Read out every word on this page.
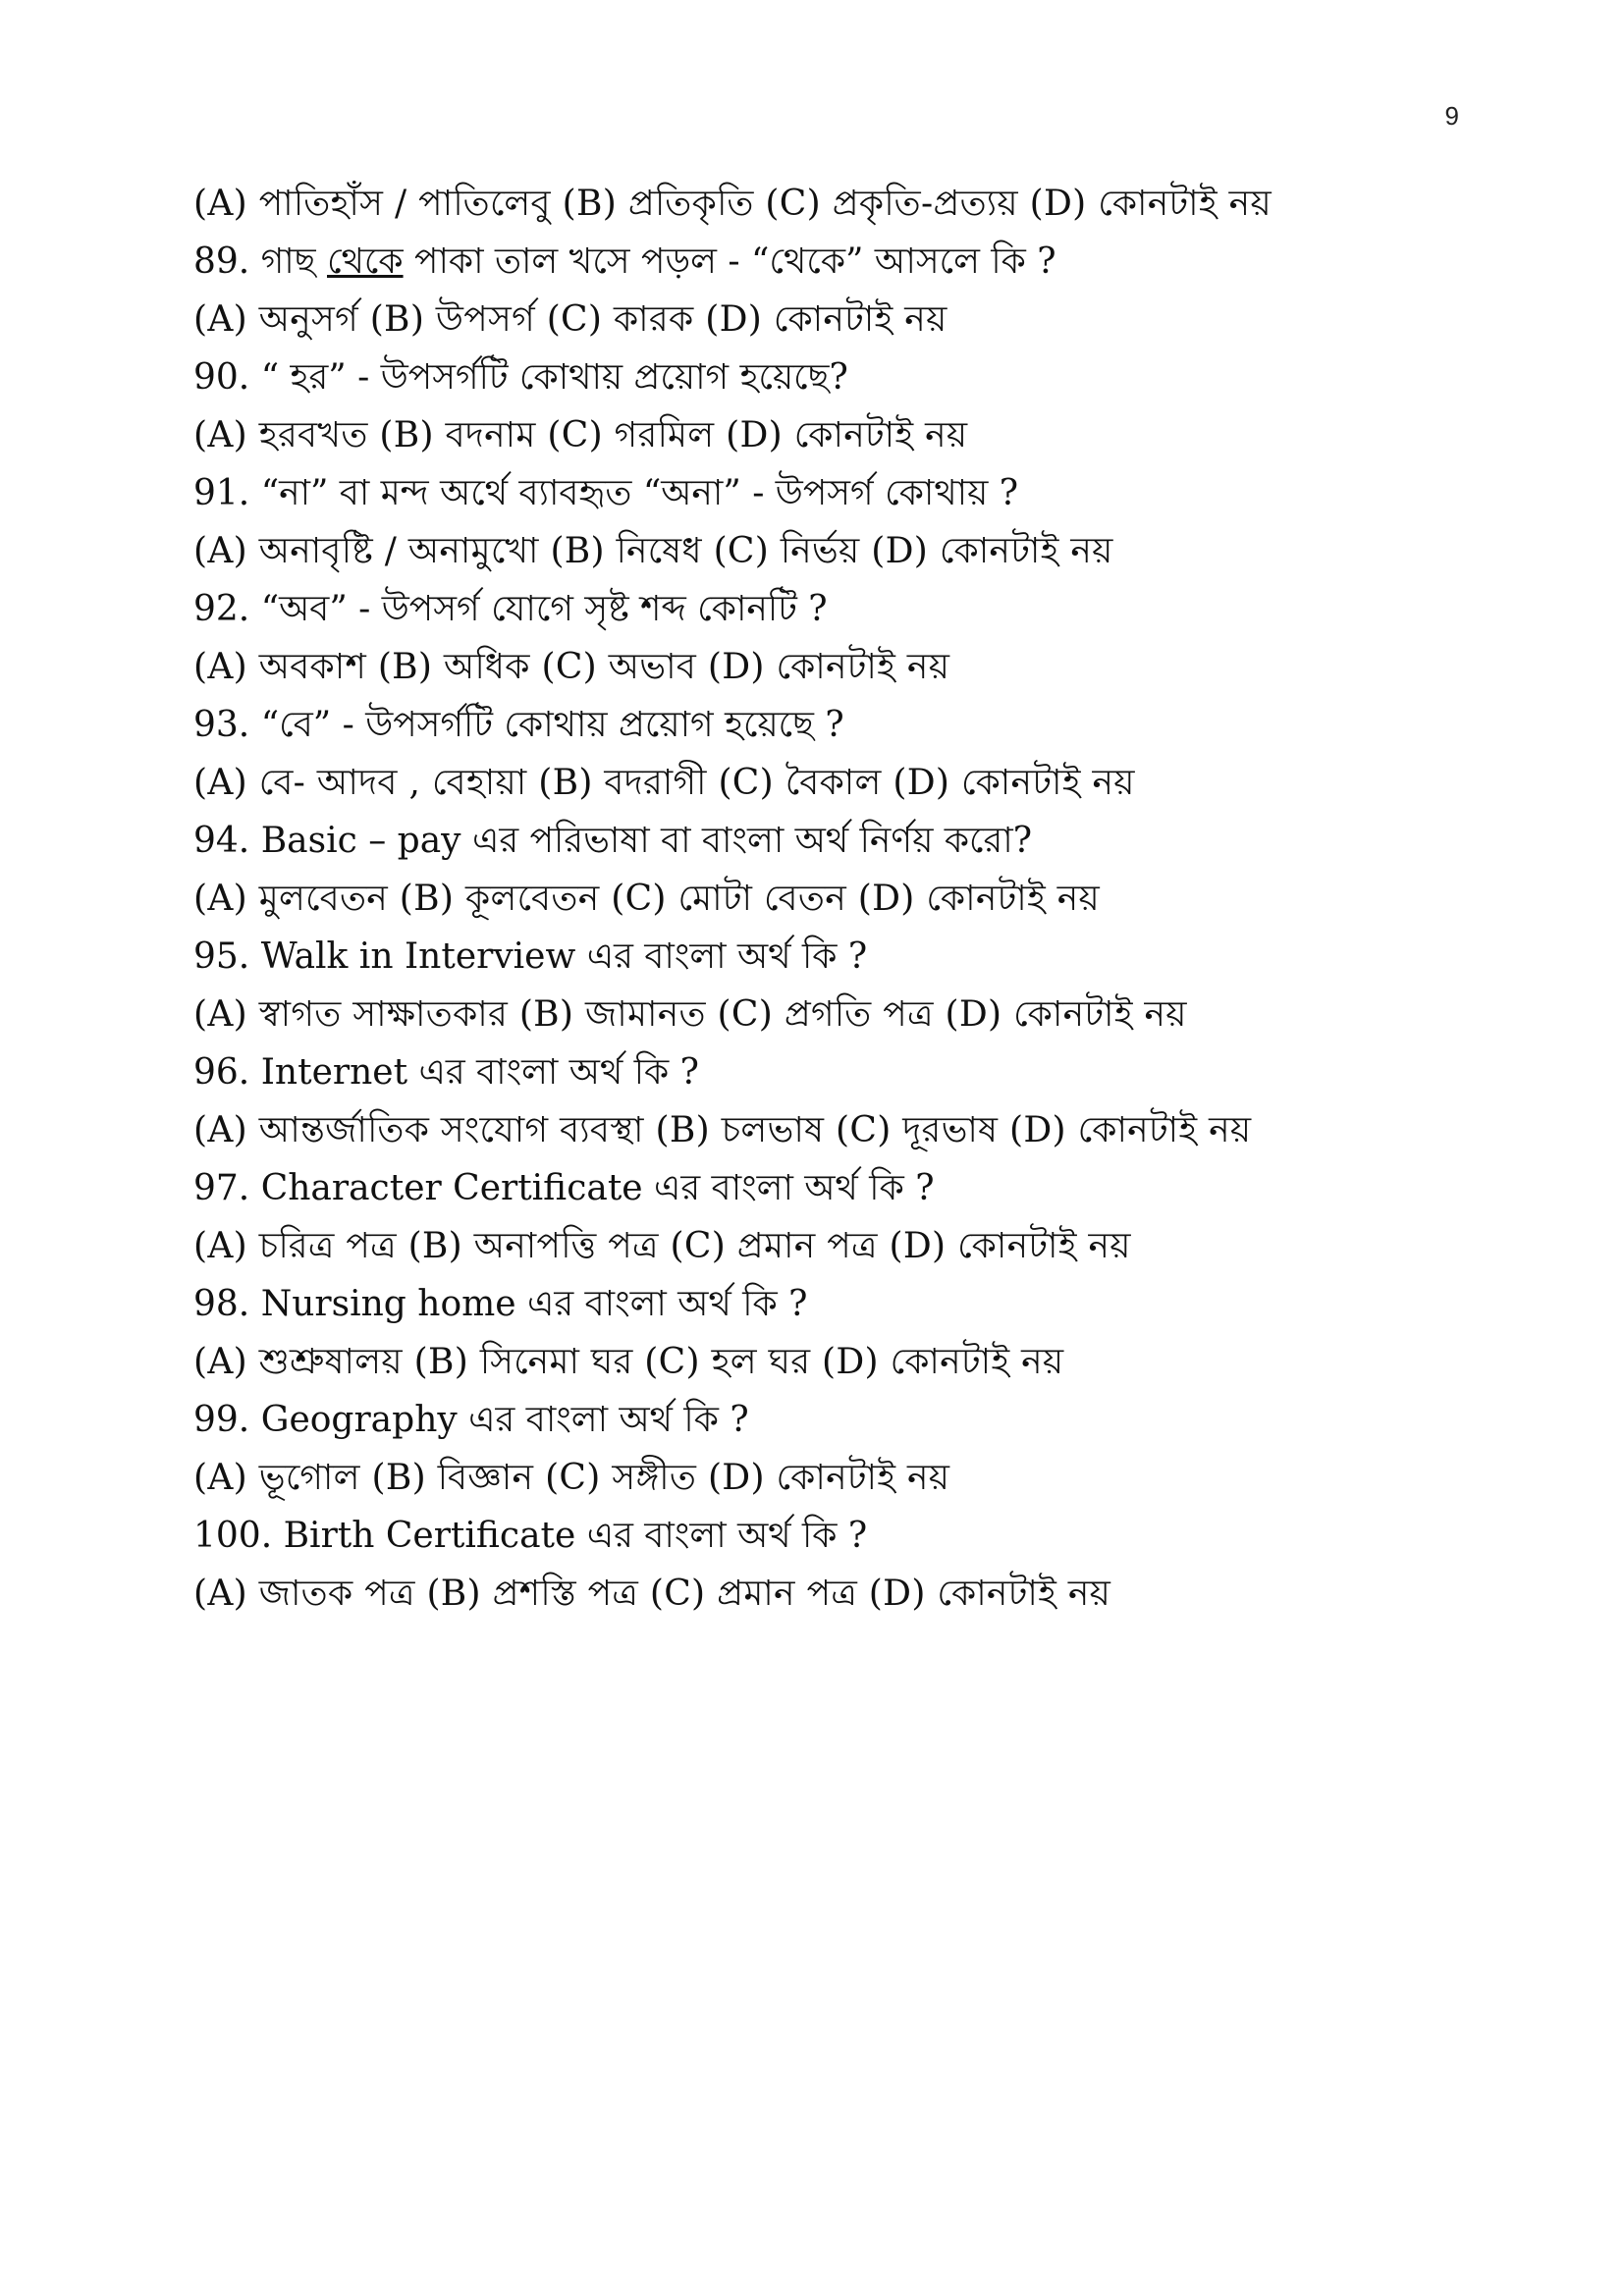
9
(A) পাতিহাঁস / পাতিলেবু (B) প্রতিকৃতি (C) প্রকৃতি-প্রত্যয় (D) কোনটাই নয়
89. গাছ থেকে পাকা তাল খসে পড়ল - “থেকে” আসলে কি ?
(A) অনুসর্গ (B) উপসর্গ (C) কারক (D) কোনটাই নয়
90. “ হর” - উপসর্গটি কোথায় প্রয়োগ হয়েছে?
(A) হরবখত (B) বদনাম (C) গরমিল (D) কোনটাই নয়
91. “না” বা মন্দ অর্থে ব্যাবহৃত “অনা” - উপসর্গ কোথায় ?
(A) অনাবৃষ্টি / অনামুখো (B) নিষেধ (C) নির্ভয় (D) কোনটাই নয়
92. “অব” - উপসর্গ যোগে সৃষ্ট শব্দ কোনটি ?
(A) অবকাশ (B) অধিক (C) অভাব (D) কোনটাই নয়
93. “বে” - উপসর্গটি কোথায় প্রয়োগ হয়েছে ?
(A) বে- আদব , বেহায়া (B) বদরাগী (C) বৈকাল (D) কোনটাই নয়
94. Basic – pay এর পরিভাষা বা বাংলা অর্থ নির্ণয় করো?
(A) মুলবেতন (B) কূলবেতন (C) মোটা বেতন (D) কোনটাই নয়
95. Walk in Interview এর বাংলা অর্থ কি ?
(A) স্বাগত সাক্ষাতকার (B) জামানত (C) প্রগতি পত্র (D) কোনটাই নয়
96. Internet এর বাংলা অর্থ কি ?
(A) আন্তর্জাতিক সংযোগ ব্যবস্থা (B) চলভাষ (C) দূরভাষ (D) কোনটাই নয়
97. Character Certificate এর বাংলা অর্থ কি ?
(A) চরিত্র পত্র (B) অনাপত্তি পত্র (C) প্রমান পত্র (D) কোনটাই নয়
98. Nursing home এর বাংলা অর্থ কি ?
(A) শুশ্রুষালয় (B) সিনেমা ঘর (C) হল ঘর (D) কোনটাই নয়
99. Geography এর বাংলা অর্থ কি ?
(A) ভূগোল (B) বিজ্ঞান (C) সঙ্গীত (D) কোনটাই নয়
100. Birth Certificate এর বাংলা অর্থ কি ?
(A) জাতক পত্র (B) প্রশস্তি পত্র (C) প্রমান পত্র (D) কোনটাই নয়
